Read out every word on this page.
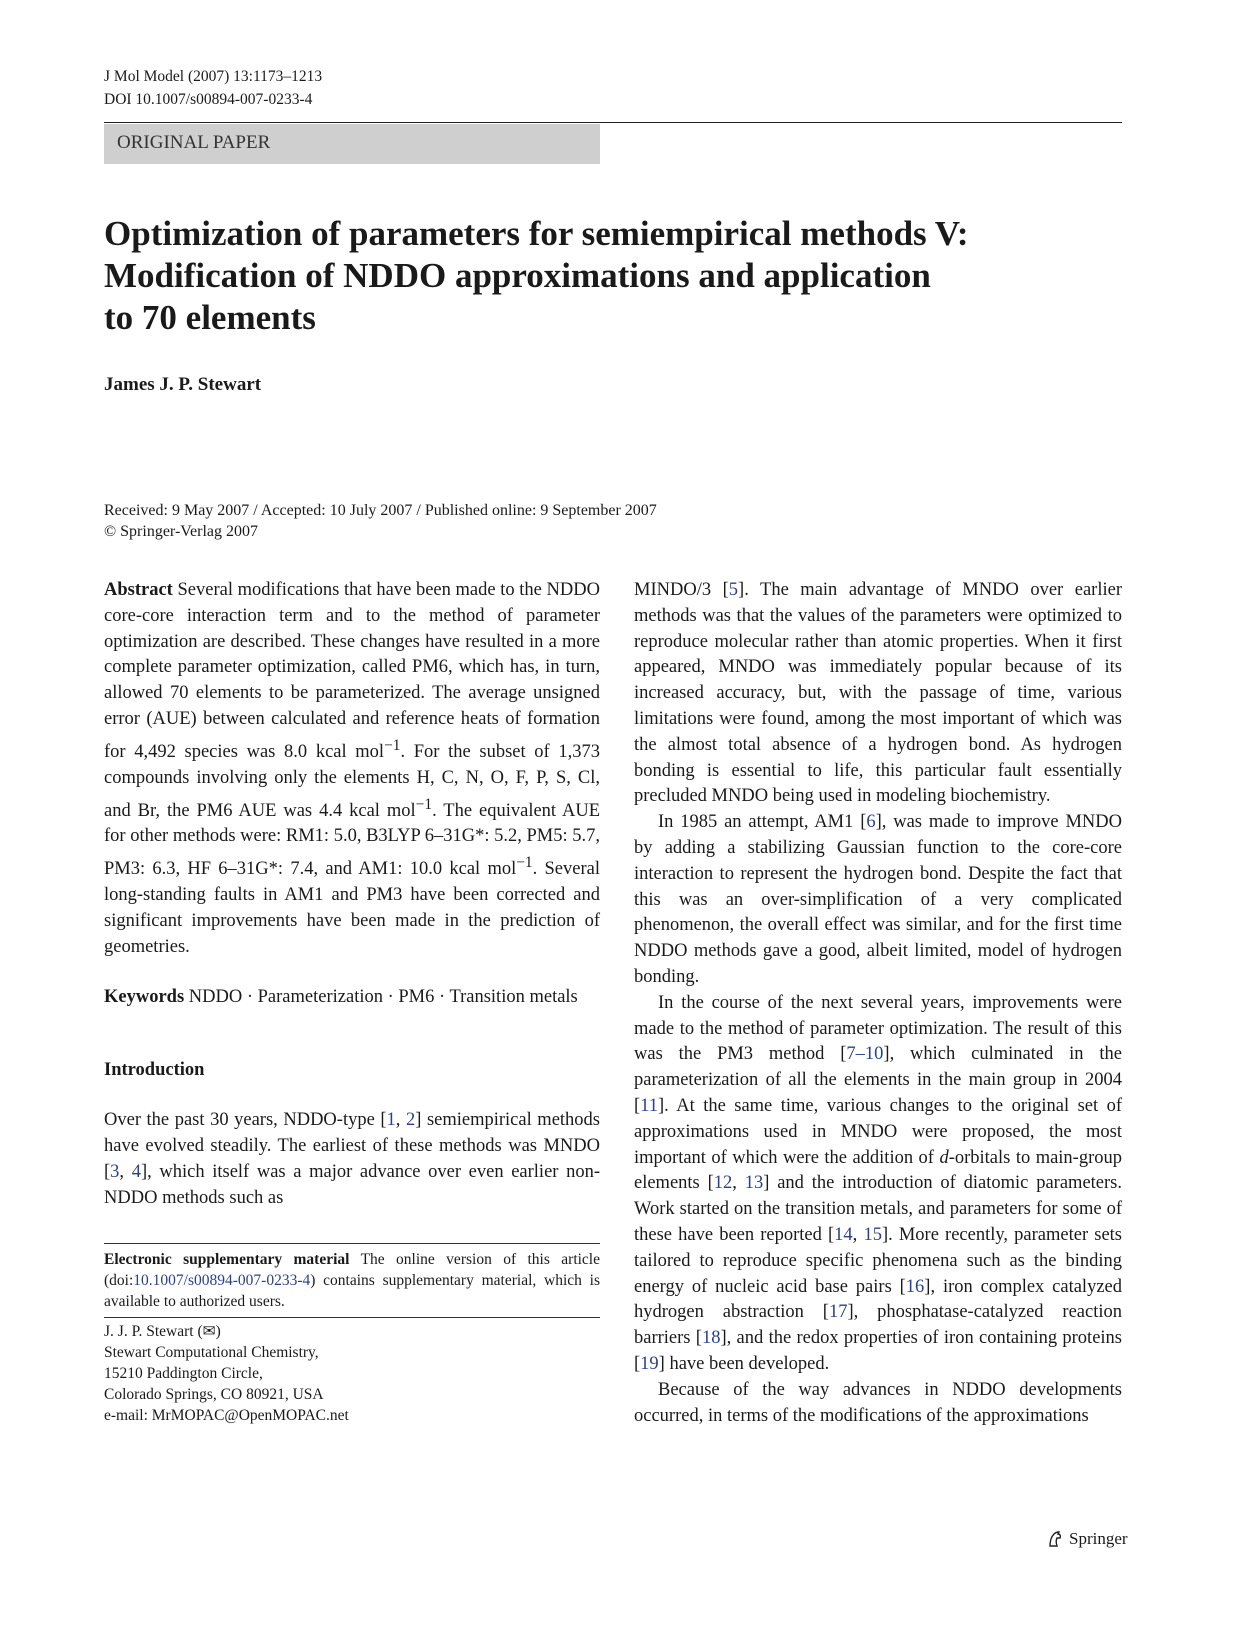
J Mol Model (2007) 13:1173–1213
DOI 10.1007/s00894-007-0233-4
ORIGINAL PAPER
Optimization of parameters for semiempirical methods V:
Modification of NDDO approximations and application
to 70 elements
James J. P. Stewart
Received: 9 May 2007 / Accepted: 10 July 2007 / Published online: 9 September 2007
© Springer-Verlag 2007

Abstract Several modifications that have been made to the NDDO core-core interaction term and to the method of parameter optimization are described. These changes have resulted in a more complete parameter optimization, called PM6, which has, in turn, allowed 70 elements to be parameterized. The average unsigned error (AUE) between calculated and reference heats of formation for 4,492 species was 8.0 kcal mol$^{-1}$. For the subset of 1,373 compounds involving only the elements H, C, N, O, F, P, S, Cl, and Br, the PM6 AUE was 4.4 kcal mol$^{-1}$. The equivalent AUE for other methods were: RM1: 5.0, B3LYP 6–31G*: 5.2, PM5: 5.7, PM3: 6.3, HF 6–31G*: 7.4, and AM1: 10.0 kcal mol$^{-1}$. Several long-standing faults in AM1 and PM3 have been corrected and significant improvements have been made in the prediction of geometries.

Keywords NDDO · Parameterization · PM6 · Transition metals

Introduction

Over the past 30 years, NDDO-type [1, 2] semiempirical methods have evolved steadily. The earliest of these methods was MNDO [3, 4], which itself was a major advance over even earlier non-NDDO methods such as

Electronic supplementary material The online version of this article (doi:10.1007/s00894-007-0233-4) contains supplementary material, which is available to authorized users.
J. J. P. Stewart (✉)
Stewart Computational Chemistry,
15210 Paddington Circle,
Colorado Springs, CO 80921, USA
e-mail: MrMOPAC@OpenMOPAC.net

MINDO/3 [5]. The main advantage of MNDO over earlier methods was that the values of the parameters were optimized to reproduce molecular rather than atomic properties. When it first appeared, MNDO was immediately popular because of its increased accuracy, but, with the passage of time, various limitations were found, among the most important of which was the almost total absence of a hydrogen bond. As hydrogen bonding is essential to life, this particular fault essentially precluded MNDO being used in modeling biochemistry.

In 1985 an attempt, AM1 [6], was made to improve MNDO by adding a stabilizing Gaussian function to the core-core interaction to represent the hydrogen bond. Despite the fact that this was an over-simplification of a very complicated phenomenon, the overall effect was similar, and for the first time NDDO methods gave a good, albeit limited, model of hydrogen bonding.

In the course of the next several years, improvements were made to the method of parameter optimization. The result of this was the PM3 method [7–10], which culminated in the parameterization of all the elements in the main group in 2004 [11]. At the same time, various changes to the original set of approximations used in MNDO were proposed, the most important of which were the addition of d-orbitals to main-group elements [12, 13] and the introduction of diatomic parameters. Work started on the transition metals, and parameters for some of these have been reported [14, 15]. More recently, parameter sets tailored to reproduce specific phenomena such as the binding energy of nucleic acid base pairs [16], iron complex catalyzed hydrogen abstraction [17], phosphatase-catalyzed reaction barriers [18], and the redox properties of iron containing proteins [19] have been developed.

Because of the way advances in NDDO developments occurred, in terms of the modifications of the approximations

Springer
